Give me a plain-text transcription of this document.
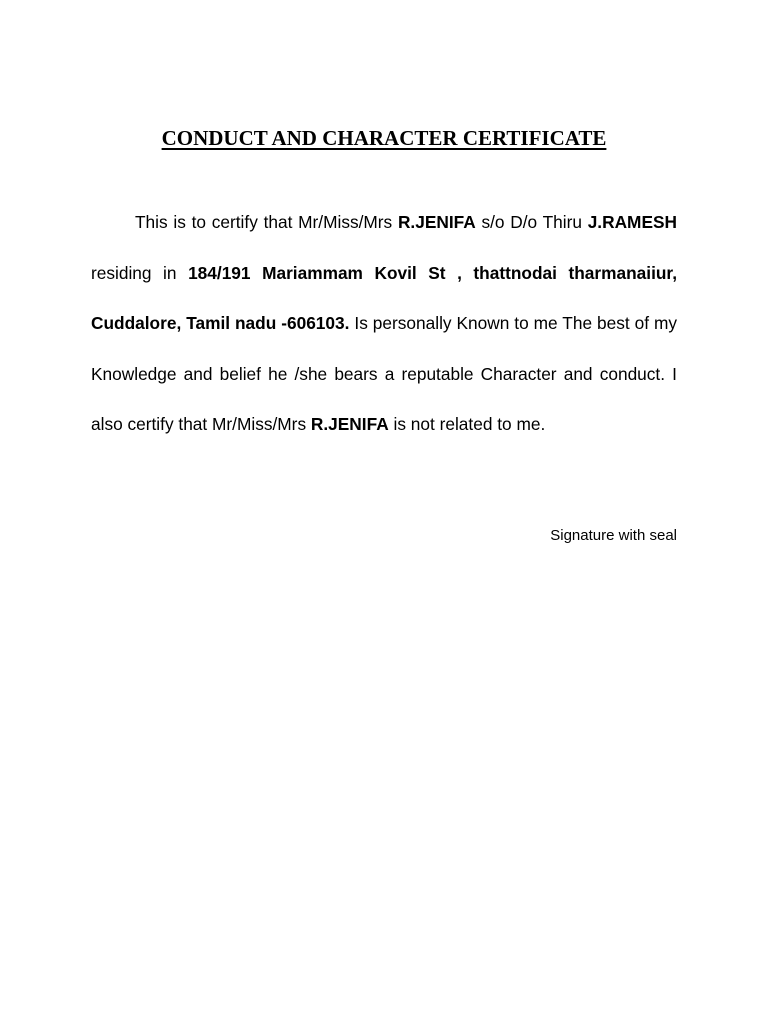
CONDUCT AND CHARACTER CERTIFICATE

This is to certify that Mr/Miss/Mrs R.JENIFA s/o D/o Thiru J.RAMESH residing in 184/191 Mariammam Kovil St , thattnodai tharmanaiiur, Cuddalore, Tamil nadu -606103. Is personally Known to me The best of my Knowledge and belief he /she bears a reputable Character and conduct. I also certify that Mr/Miss/Mrs R.JENIFA is not related to me.

Signature with seal
